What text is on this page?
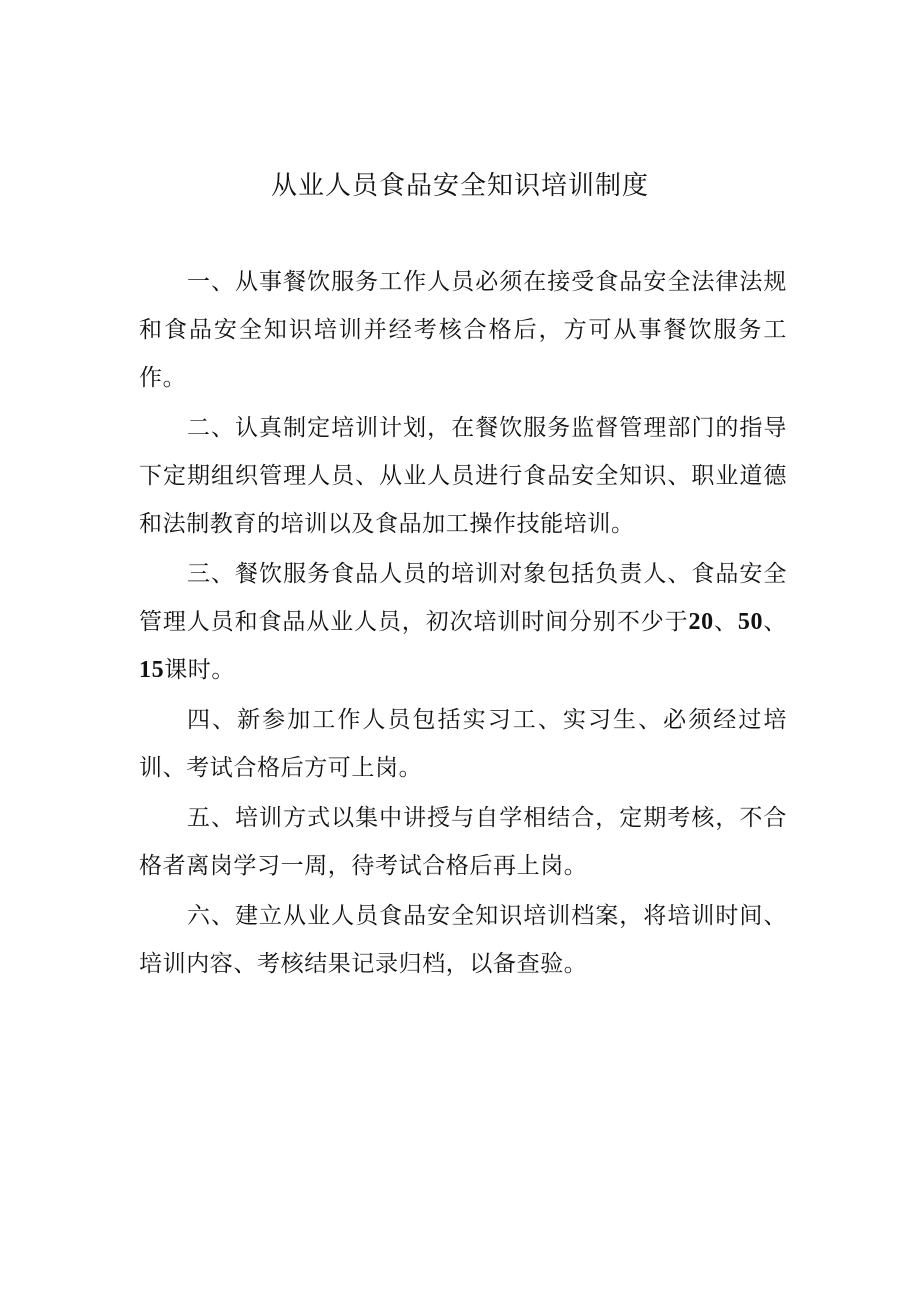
从业人员食品安全知识培训制度

一、从事餐饮服务工作人员必须在接受食品安全法律法规和食品安全知识培训并经考核合格后，方可从事餐饮服务工作。

二、认真制定培训计划，在餐饮服务监督管理部门的指导下定期组织管理人员、从业人员进行食品安全知识、职业道德和法制教育的培训以及食品加工操作技能培训。

三、餐饮服务食品人员的培训对象包括负责人、食品安全管理人员和食品从业人员，初次培训时间分别不少于20、50、15课时。

四、新参加工作人员包括实习工、实习生、必须经过培训、考试合格后方可上岗。

五、培训方式以集中讲授与自学相结合，定期考核，不合格者离岗学习一周，待考试合格后再上岗。

六、建立从业人员食品安全知识培训档案，将培训时间、培训内容、考核结果记录归档，以备查验。
